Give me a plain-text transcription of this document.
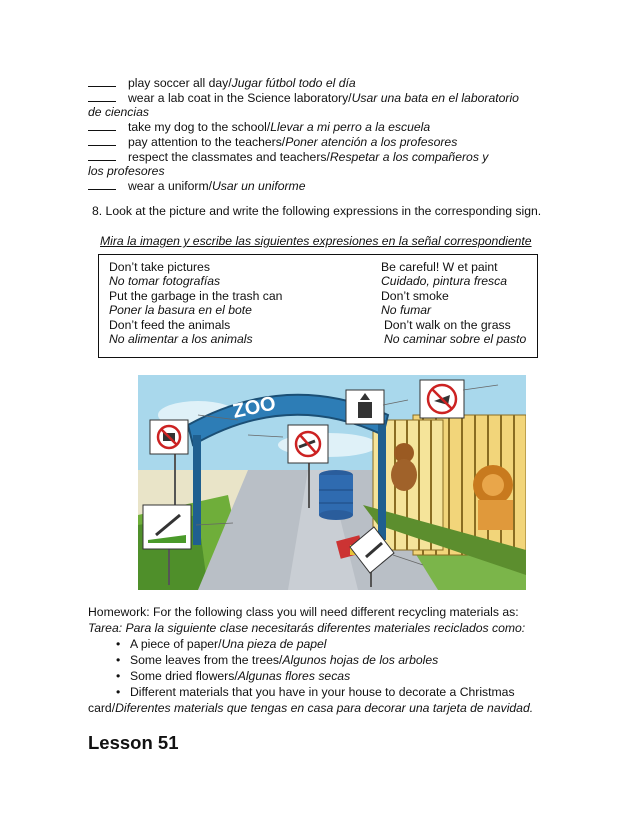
play soccer all day/Jugar fútbol todo el día
wear a lab coat in the Science laboratory/Usar una bata en el laboratorio
de ciencias
take my dog to the school/Llevar a mi perro a la escuela
pay attention to the teachers/Poner atención a los profesores
respect the classmates and teachers/Respetar a los compañeros y
los profesores
wear a uniform/Usar un uniforme
8. Look at the picture and write the following expressions in the corresponding sign.
Mira la imagen y escribe las siguientes expresiones en la señal correspondiente
Don’t take pictures
No tomar fotografías
Put the garbage in the trash can
Poner la basura en el bote
Don’t feed the animals
No alimentar a los animals
Be careful! W et paint
Cuidado, pintura fresca
Don’t smoke
No fumar
Don’t walk on the grass
No caminar sobre el pasto
ZOO
Homework: For the following class you will need different recycling materials as:
Tarea: Para la siguiente clase necesitarás diferentes materiales reciclados como:
• A piece of paper/Una pieza de papel
• Some leaves from the trees/Algunos hojas de los arboles
• Some dried flowers/Algunas flores secas
• Different materials that you have in your house to decorate a Christmas
card/Diferentes materials que tengas en casa para decorar una tarjeta de navidad.
Lesson 51
